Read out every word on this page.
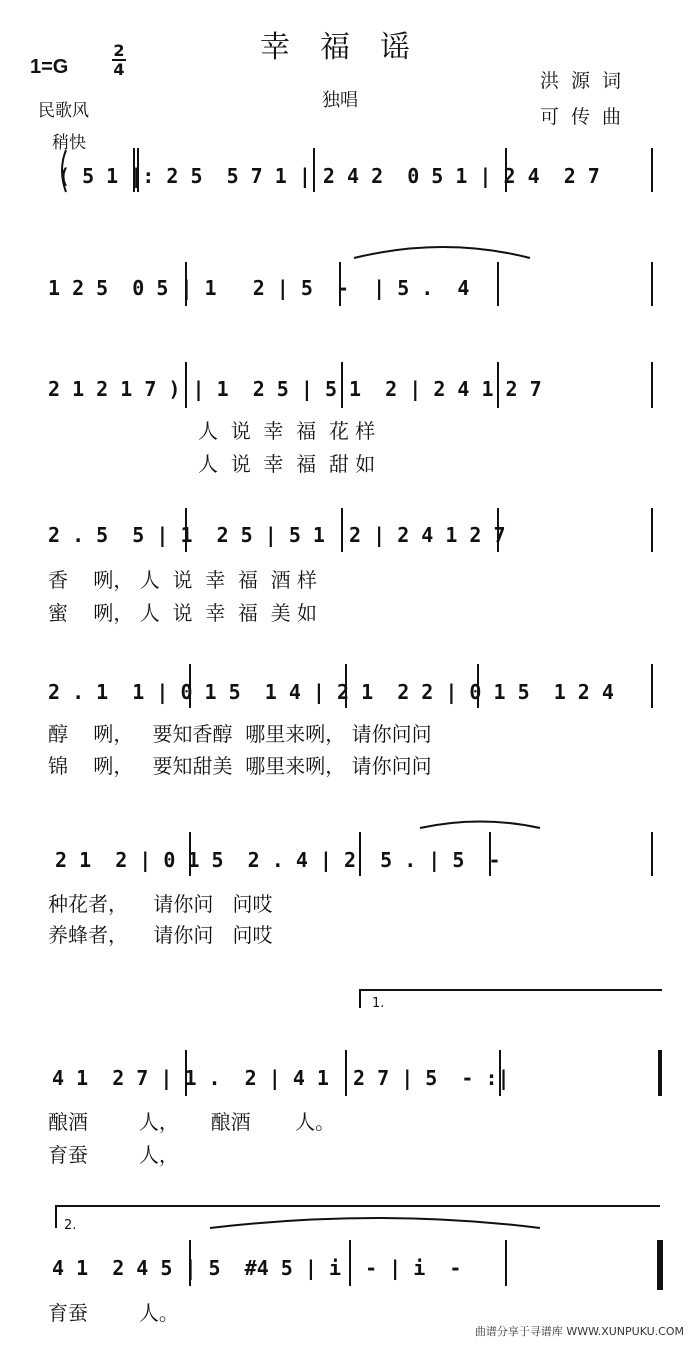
幸福谣
1=G
2
4
民歌风
稍快
独唱
洪源词
可传曲
( 5 1 |: 2 5  5 7 1 | 2 4 2  0 5 1 | 2 4  2 7
1 2 5  0 5 | 1   2 | 5  -  | 5 .  4
2 1 2 1 7 ) | 1  2 5 | 5 1  2 | 2 4 1 2 7
人  说  幸  福  花 样
人  说  幸  福  甜 如
2 . 5  5 | 1  2 5 | 5 1  2 | 2 4 1 2 7
香    咧， 人  说  幸  福  酒 样
蜜    咧， 人  说  幸  福  美 如
2 . 1  1 | 0 1 5  1 4 | 2 1  2 2 | 0 1 5  1 2 4
醇    咧，   要知香醇  哪里来咧， 请你问问
锦    咧，   要知甜美  哪里来咧， 请你问问
2 1  2 | 0 1 5  2 . 4 | 2  5 . | 5  -
种花者，    请你问   问哎
养蜂者，    请你问   问哎
1.
4 1  2 7 | 1 .  2 | 4 1  2 7 | 5  - :|
酿酒        人，     酿酒       人。
育蚕        人，
2.
4 1  2 4 5 | 5  #4 5 | i  - | i  -
育蚕        人。
曲谱分享于寻谱库 WWW.XUNPUKU.COM
